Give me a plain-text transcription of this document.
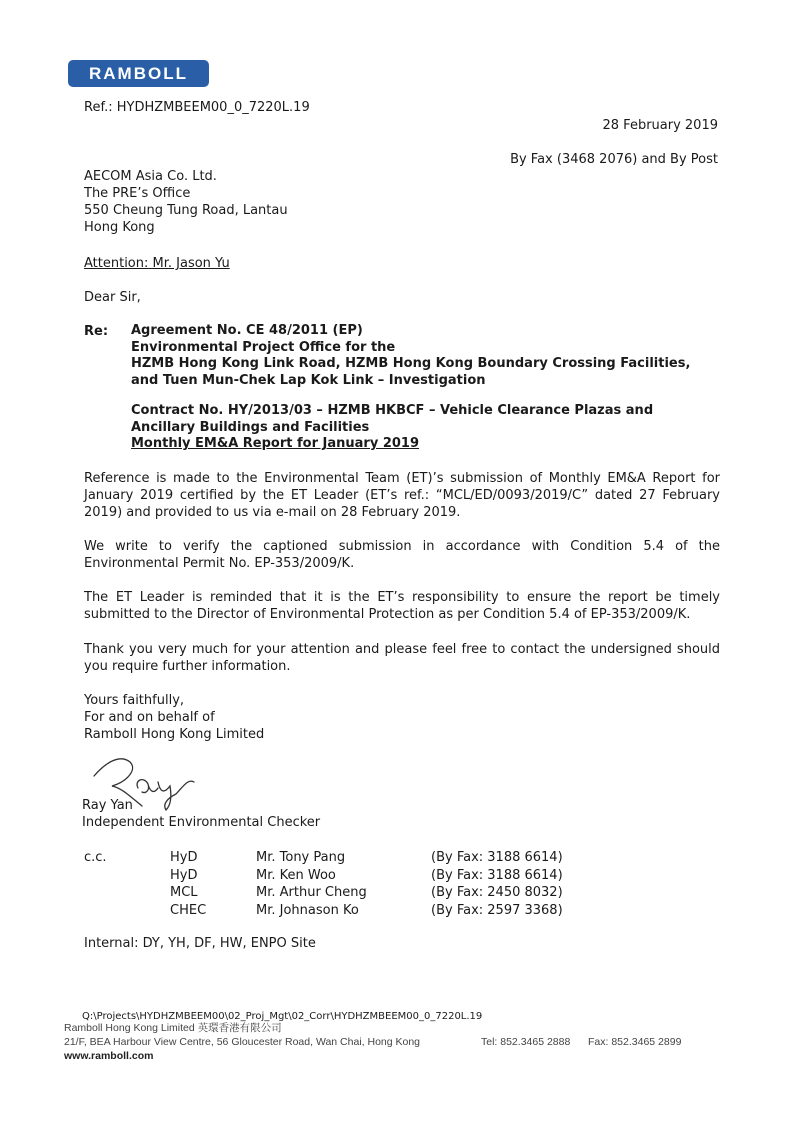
RAMBOLL
Ref.: HYDHZMBEEM00_0_7220L.19
28 February 2019
By Fax (3468 2076) and By Post
AECOM Asia Co. Ltd.
The PRE’s Office
550 Cheung Tung Road, Lantau
Hong Kong
Attention: Mr. Jason Yu
Dear Sir,
Re: Agreement No. CE 48/2011 (EP)
Environmental Project Office for the
HZMB Hong Kong Link Road, HZMB Hong Kong Boundary Crossing Facilities,
and Tuen Mun-Chek Lap Kok Link – Investigation
Contract No. HY/2013/03 – HZMB HKBCF – Vehicle Clearance Plazas and
Ancillary Buildings and Facilities
Monthly EM&A Report for January 2019
Reference is made to the Environmental Team (ET)’s submission of Monthly EM&A Report for January 2019 certified by the ET Leader (ET’s ref.: “MCL/ED/0093/2019/C” dated 27 February 2019) and provided to us via e-mail on 28 February 2019.
We write to verify the captioned submission in accordance with Condition 5.4 of the Environmental Permit No. EP-353/2009/K.
The ET Leader is reminded that it is the ET’s responsibility to ensure the report be timely submitted to the Director of Environmental Protection as per Condition 5.4 of EP-353/2009/K.
Thank you very much for your attention and please feel free to contact the undersigned should you require further information.
Yours faithfully,
For and on behalf of
Ramboll Hong Kong Limited
Ray Yan
Independent Environmental Checker
c.c.	HyD
HyD
MCL
CHEC
Mr. Tony Pang
Mr. Ken Woo
Mr. Arthur Cheng
Mr. Johnason Ko
(By Fax: 3188 6614)
(By Fax: 3188 6614)
(By Fax: 2450 8032)
(By Fax: 2597 3368)
Internal: DY, YH, DF, HW, ENPO Site
Q:\Projects\HYDHZMBEEM00\02_Proj_Mgt\02_Corr\HYDHZMBEEM00_0_7220L.19
Ramboll Hong Kong Limited 英環香港有限公司
21/F, BEA Harbour View Centre, 56 Gloucester Road, Wan Chai, Hong Kong	Tel: 852.3465 2888 Fax: 852.3465 2899
www.ramboll.com
